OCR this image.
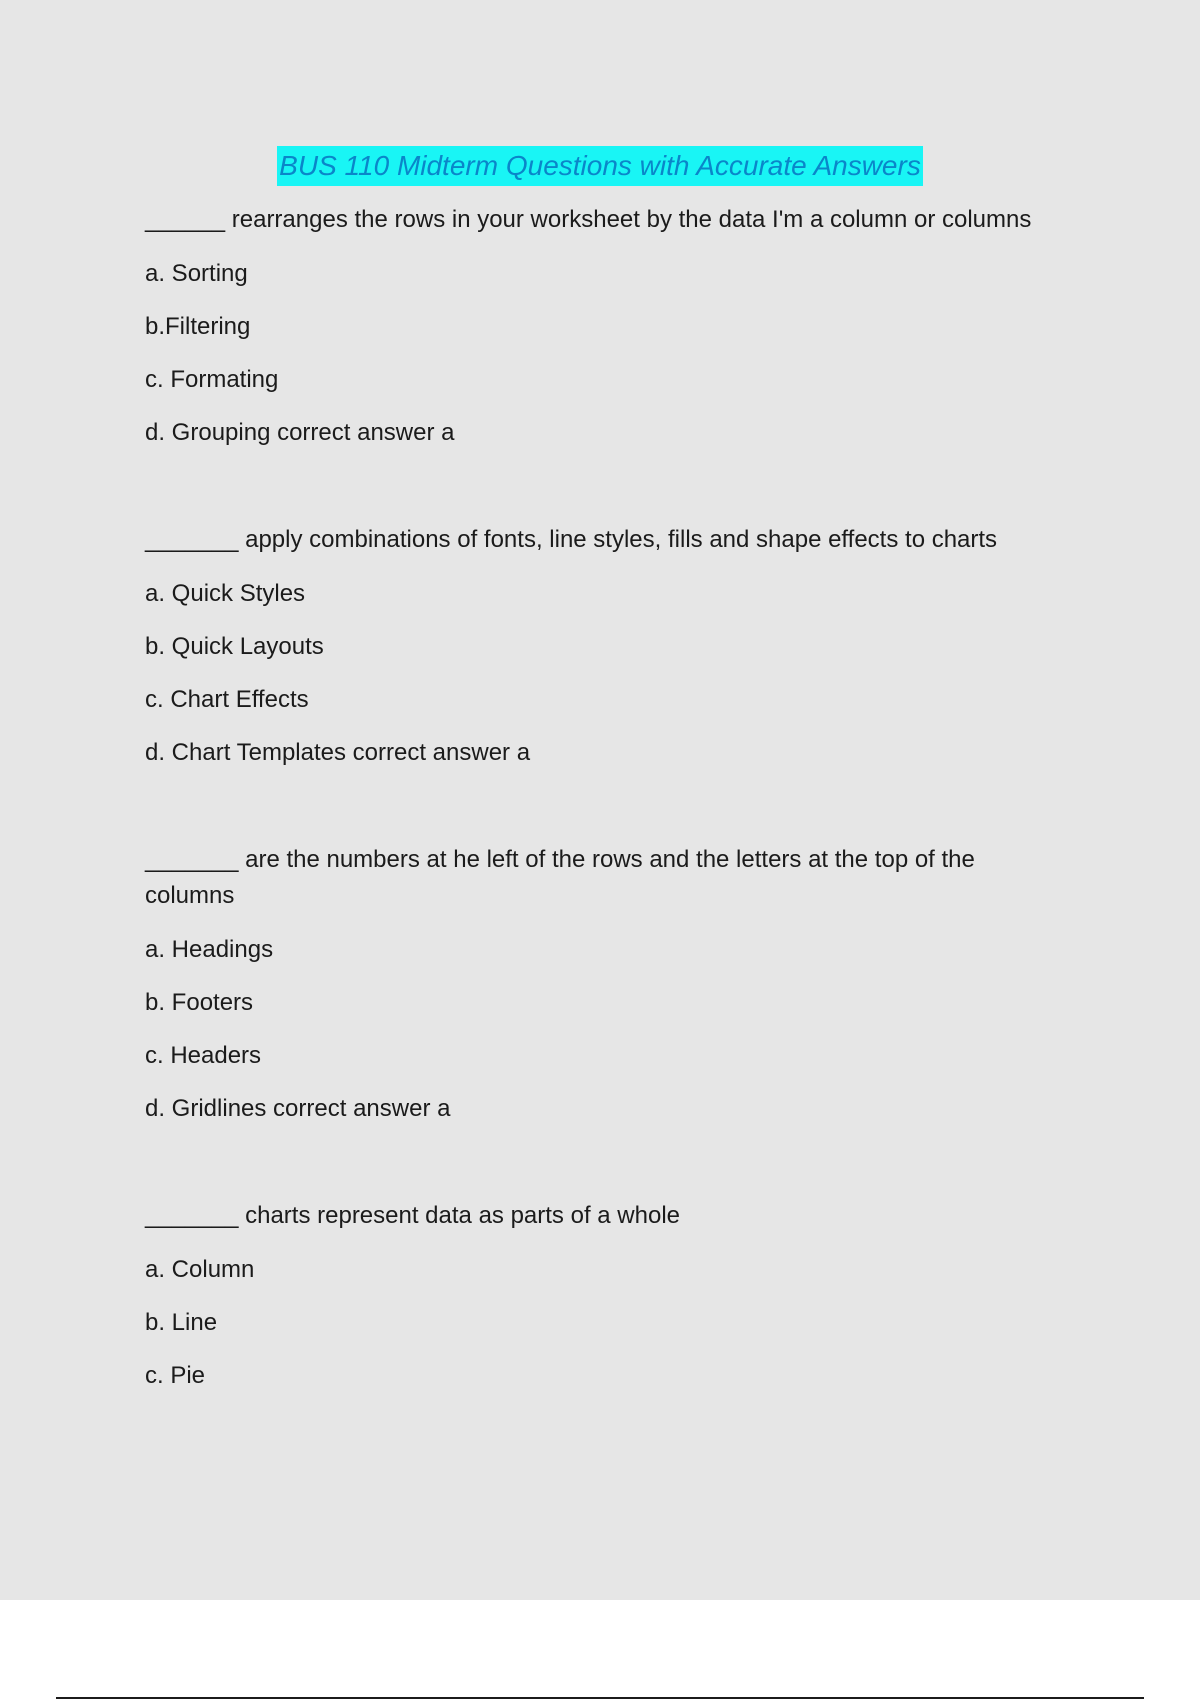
BUS 110 Midterm Questions with Accurate Answers
______ rearranges the rows in your worksheet by the data I'm a column or columns
a. Sorting
b.Filtering
c. Formating
d. Grouping correct answer a
_______ apply combinations of fonts, line styles, fills and shape effects to charts
a. Quick Styles
b. Quick Layouts
c. Chart Effects
d. Chart Templates correct answer a
_______ are the numbers at he left of the rows and the letters at the top of the columns
a. Headings
b. Footers
c. Headers
d. Gridlines correct answer a
_______ charts represent data as parts of a whole
a. Column
b. Line
c. Pie
